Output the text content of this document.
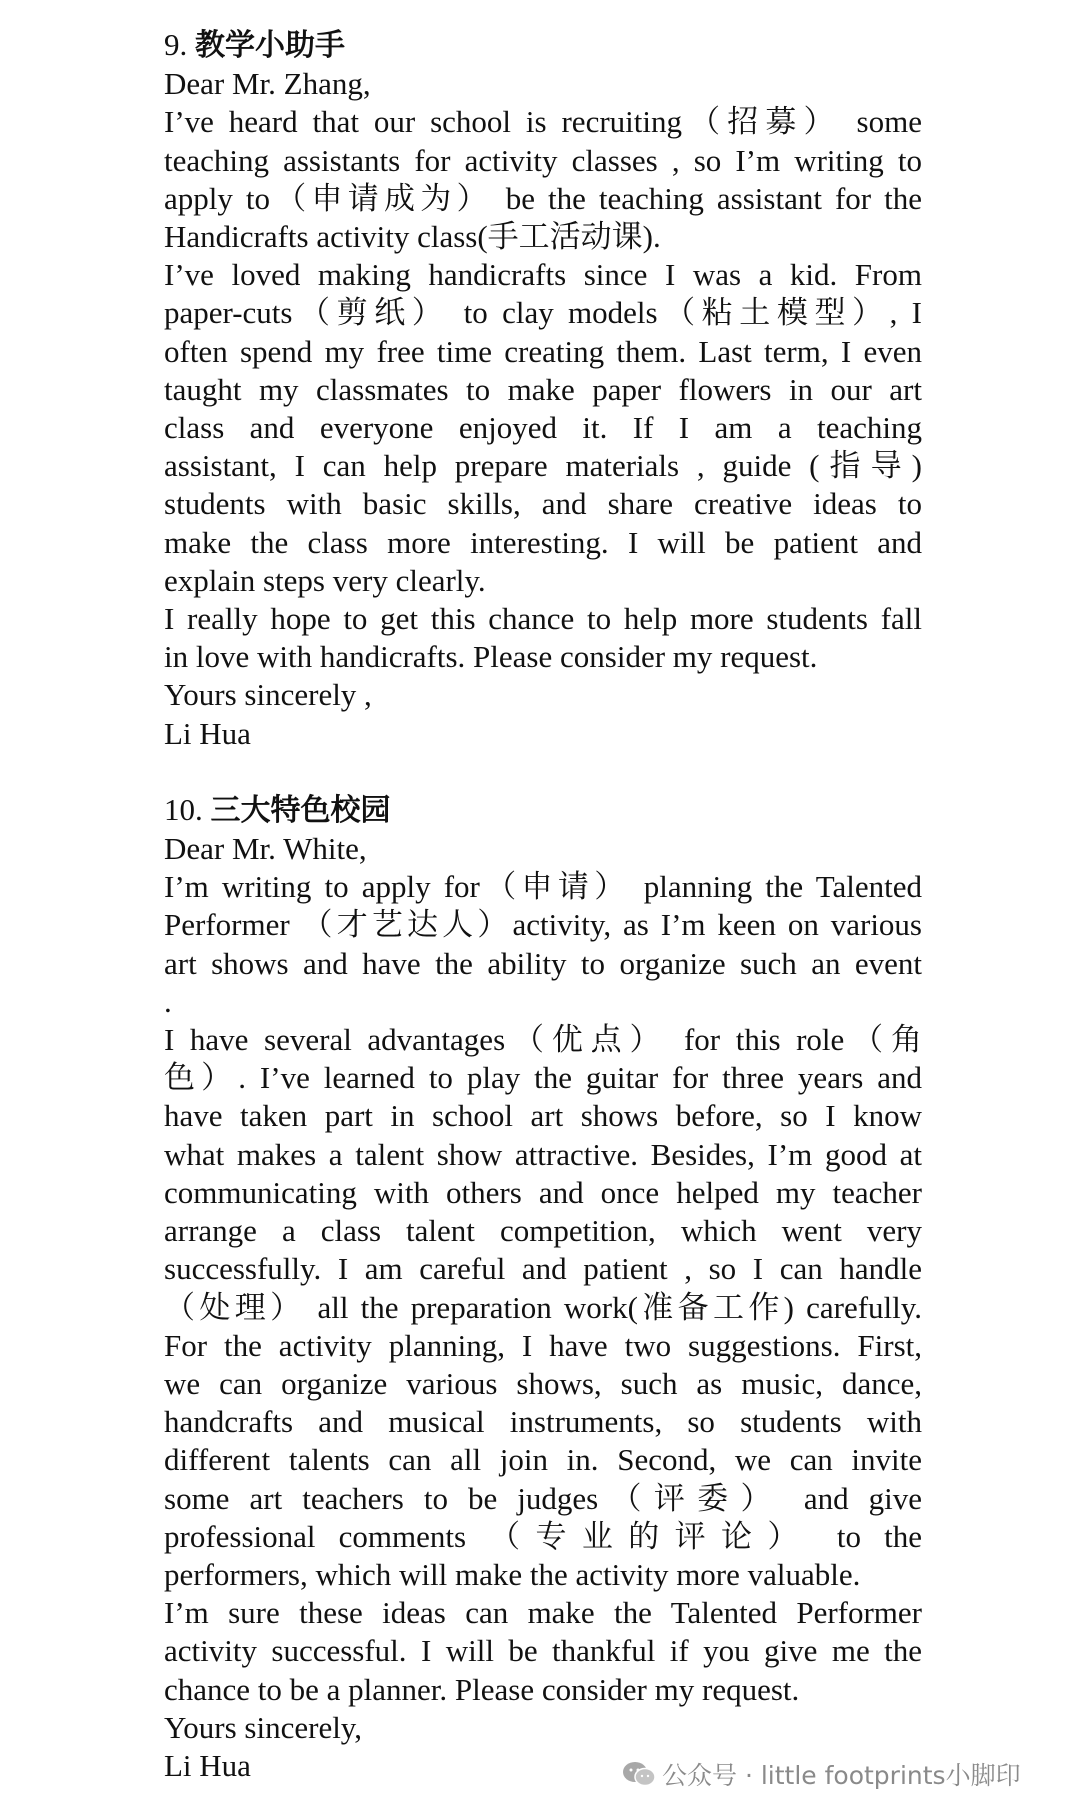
9. 教学小助手
Dear Mr. Zhang,
I’ve heard that our school is recruiting（招募） some
teaching assistants for activity classes , so I’m writing to
apply to（申请成为） be the teaching assistant for the
Handicrafts activity class(手工活动课).
I’ve loved making handicrafts since I was a kid. From
paper-cuts（剪纸） to clay models（粘土模型）, I
often spend my free time creating them. Last term, I even
taught my classmates to make paper flowers in our art
class and everyone enjoyed it. If I am a teaching
assistant, I can help prepare materials , guide (指导)
students with basic skills, and share creative ideas to
make the class more interesting. I will be patient and
explain steps very clearly.
I really hope to get this chance to help more students fall
in love with handicrafts. Please consider my request.
Yours sincerely ,
Li Hua
10. 三大特色校园
Dear Mr. White,
I’m writing to apply for（申请） planning the Talented
Performer （才艺达人）activity, as I’m keen on various
art shows and have the ability to organize such an event
.
I have several advantages（优点） for this role（角
色）. I’ve learned to play the guitar for three years and
have taken part in school art shows before, so I know
what makes a talent show attractive. Besides, I’m good at
communicating with others and once helped my teacher
arrange a class talent competition, which went very
successfully. I am careful and patient , so I can handle
（处理） all the preparation work(准备工作) carefully.
For the activity planning, I have two suggestions. First,
we can organize various shows, such as music, dance,
handcrafts and musical instruments, so students with
different talents can all join in. Second, we can invite
some art teachers to be judges（评委） and give
professional comments （专业的评论） to the
performers, which will make the activity more valuable.
I’m sure these ideas can make the Talented Performer
activity successful. I will be thankful if you give me the
chance to be a planner. Please consider my request.
Yours sincerely,
Li Hua	公众号 · little footprints小脚印
